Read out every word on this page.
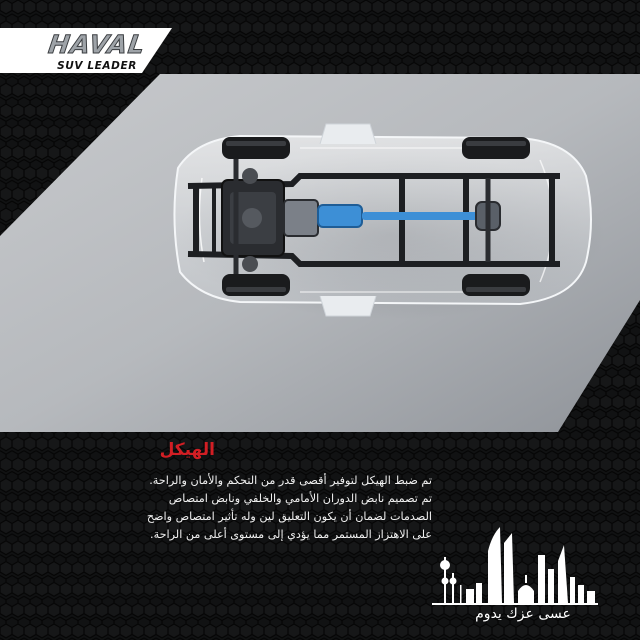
HAVAL
SUV LEADER
الهيكل
تم ضبط الهيكل لتوفير أقصى قدر من التحكم والأمان والراحة.
تم تصميم نابض الدوران الأمامي والخلفي ونابض امتصاص
الصدمات لضمان أن يكون التعليق لين وله تأثير امتصاص واضح
على الاهتزاز المستمر مما يؤدي إلى مستوى أعلى من الراحة.
عسى عزك يدوم
